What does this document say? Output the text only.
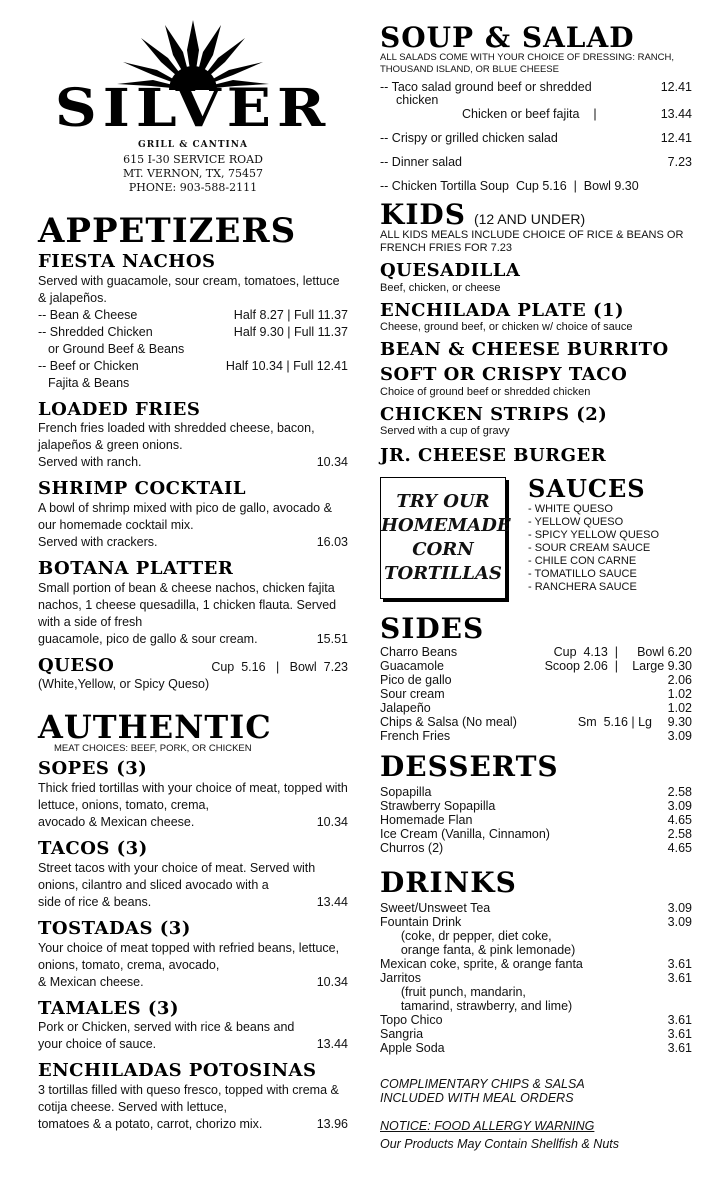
SILVER
GRILL & CANTINA
615 I-30 SERVICE ROAD
MT. VERNON, TX, 75457
PHONE: 903-588-2111
APPETIZERS
FIESTA NACHOS

Served with guacamole, sour cream, tomatoes, lettuce & jalapeños.

-- Bean & Cheese	Half 8.27 | Full 11.37
-- Shredded Chicken	Half 9.30 | Full 11.37
or Ground Beef & Beans
-- Beef or Chicken	Half 10.34 | Full 12.41
Fajita & Beans
LOADED FRIES

French fries loaded with shredded cheese, bacon, jalapeños & green onions.

Served with ranch.	10.34
SHRIMP COCKTAIL

A bowl of shrimp mixed with pico de gallo, avocado & our homemade cocktail mix.

Served with crackers.	16.03
BOTANA PLATTER

Small portion of bean & cheese nachos, chicken fajita nachos, 1 cheese quesadilla, 1 chicken flauta. Served with a side of fresh

guacamole, pico de gallo & sour cream.	15.51
QUESO	Cup  5.16   |   Bowl  7.23

(White,Yellow, or Spicy Queso)

AUTHENTIC

MEAT CHOICES: BEEF, PORK, OR CHICKEN

SOPES (3)

Thick fried tortillas with your choice of meat, topped with lettuce, onions, tomato, crema,

avocado & Mexican cheese.	10.34
TACOS (3)

Street tacos with your choice of meat. Served with onions, cilantro and sliced avocado with a

side of rice & beans.	13.44
TOSTADAS (3)

Your choice of meat topped with refried beans, lettuce, onions, tomato, crema, avocado,

& Mexican cheese.	10.34
TAMALES (3)

Pork or Chicken, served with rice & beans and

your choice of sauce.	13.44
ENCHILADAS POTOSINAS

3 tortillas filled with queso fresco, topped with crema & cotija cheese. Served with lettuce,

tomatoes & a potato, carrot, chorizo mix.	13.96
SOUP & SALAD

ALL SALADS COME WITH YOUR CHOICE OF DRESSING: RANCH, THOUSAND ISLAND, OR BLUE CHEESE

-- Taco salad ground beef or shredded	12.41
chicken
Chicken or beef fajita    |	13.44
-- Crispy or grilled chicken salad	12.41
-- Dinner salad	7.23
-- Chicken Tortilla Soup  Cup 5.16  |  Bowl 9.30
KIDS (12 AND UNDER)

ALL KIDS MEALS INCLUDE CHOICE OF RICE & BEANS OR FRENCH FRIES FOR 7.23

QUESADILLA

Beef, chicken, or cheese

ENCHILADA PLATE (1)

Cheese, ground beef, or chicken w/ choice of sauce

BEAN & CHEESE BURRITO
SOFT OR CRISPY TACO

Choice of ground beef or shredded chicken

CHICKEN STRIPS (2)

Served with a cup of gravy

JR. CHEESE BURGER
TRY OUR
HOMEMADE
CORN
TORTILLAS
SAUCES

- WHITE QUESO

- YELLOW QUESO

- SPICY YELLOW QUESO

- SOUR CREAM SAUCE

- CHILE CON CARNE

- TOMATILLO SAUCE

- RANCHERA SAUCE

SIDES
Charro Beans	Cup  4.13  |	Bowl 6.20
Guacamole	Scoop 2.06  |	Large 9.30
Pico de gallo	2.06
Sour cream	1.02
Jalapeño	1.02
Chips & Salsa (No meal)	Sm  5.16 | Lg	9.30
French Fries	3.09
DESSERTS
Sopapilla	2.58
Strawberry Sopapilla	3.09
Homemade Flan	4.65
Ice Cream (Vanilla, Cinnamon)	2.58
Churros (2)	4.65
DRINKS
Sweet/Unsweet Tea	3.09
Fountain Drink	3.09
(coke, dr pepper, diet coke,
orange fanta, & pink lemonade)
Mexican coke, sprite, & orange fanta	3.61
Jarritos	3.61
(fruit punch, mandarin,
tamarind, strawberry, and lime)
Topo Chico	3.61
Sangria	3.61
Apple Soda	3.61
COMPLIMENTARY CHIPS & SALSA
INCLUDED WITH MEAL ORDERS
NOTICE: FOOD ALLERGY WARNING
Our Products May Contain Shellfish & Nuts
